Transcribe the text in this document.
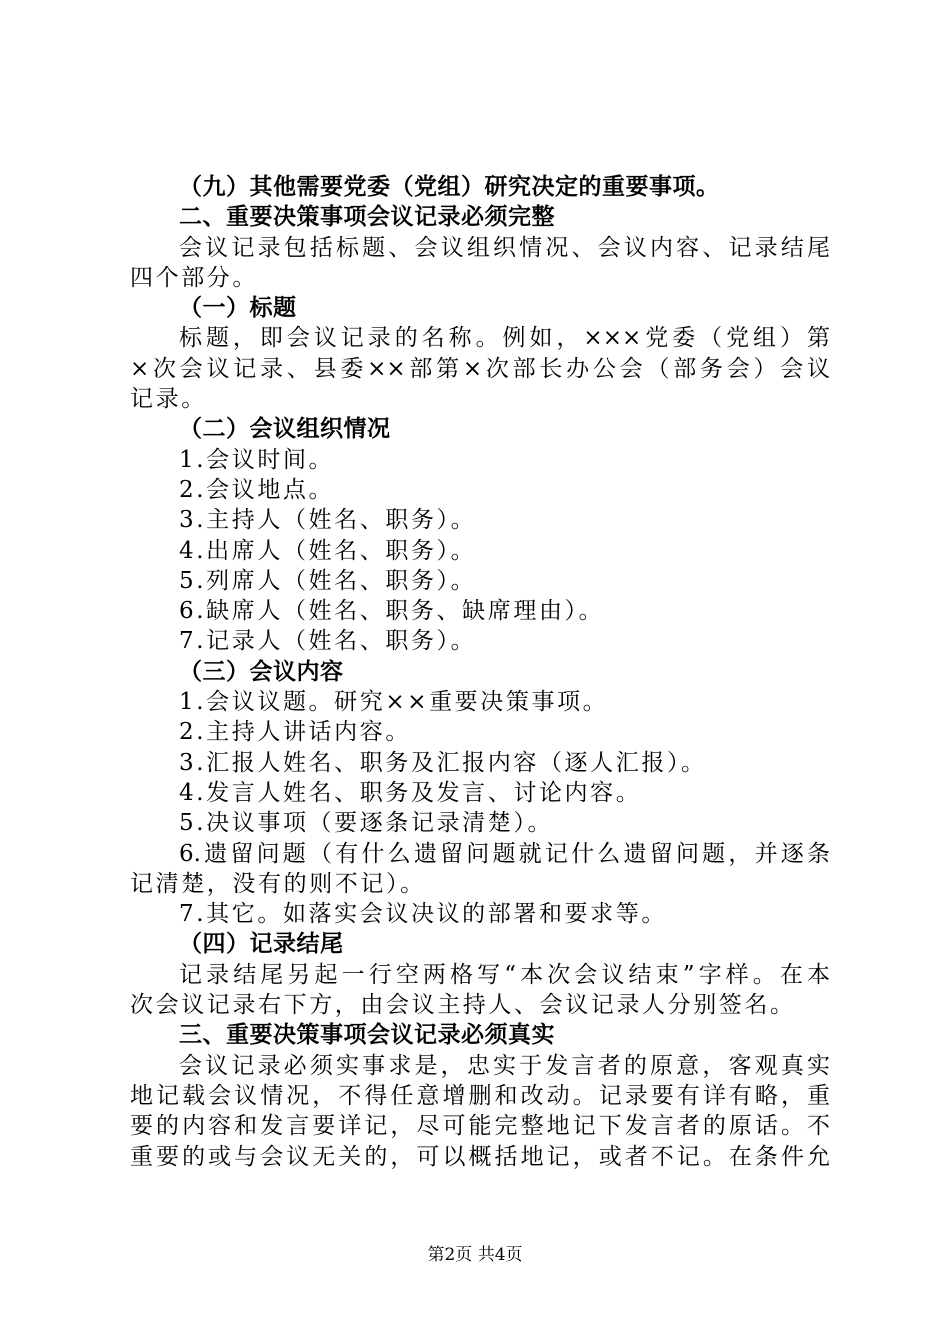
（九）其他需要党委（党组）研究决定的重要事项。
二、重要决策事项会议记录必须完整
会议记录包括标题、会议组织情况、会议内容、记录结尾
四个部分。
（一）标题
标题，即会议记录的名称。例如，×××党委（党组）第
×次会议记录、县委××部第×次部长办公会（部务会）会议
记录。
（二）会议组织情况
1.会议时间。
2.会议地点。
3.主持人（姓名、职务）。
4.出席人（姓名、职务）。
5.列席人（姓名、职务）。
6.缺席人（姓名、职务、缺席理由）。
7.记录人（姓名、职务）。
（三）会议内容
1.会议议题。研究××重要决策事项。
2.主持人讲话内容。
3.汇报人姓名、职务及汇报内容（逐人汇报）。
4.发言人姓名、职务及发言、讨论内容。
5.决议事项（要逐条记录清楚）。
6.遗留问题（有什么遗留问题就记什么遗留问题，并逐条
记清楚，没有的则不记）。
7.其它。如落实会议决议的部署和要求等。
（四）记录结尾
记录结尾另起一行空两格写“本次会议结束”字样。在本
次会议记录右下方，由会议主持人、会议记录人分别签名。
三、重要决策事项会议记录必须真实
会议记录必须实事求是，忠实于发言者的原意，客观真实
地记载会议情况，不得任意增删和改动。记录要有详有略，重
要的内容和发言要详记，尽可能完整地记下发言者的原话。不
重要的或与会议无关的，可以概括地记，或者不记。在条件允
第2页 共4页
